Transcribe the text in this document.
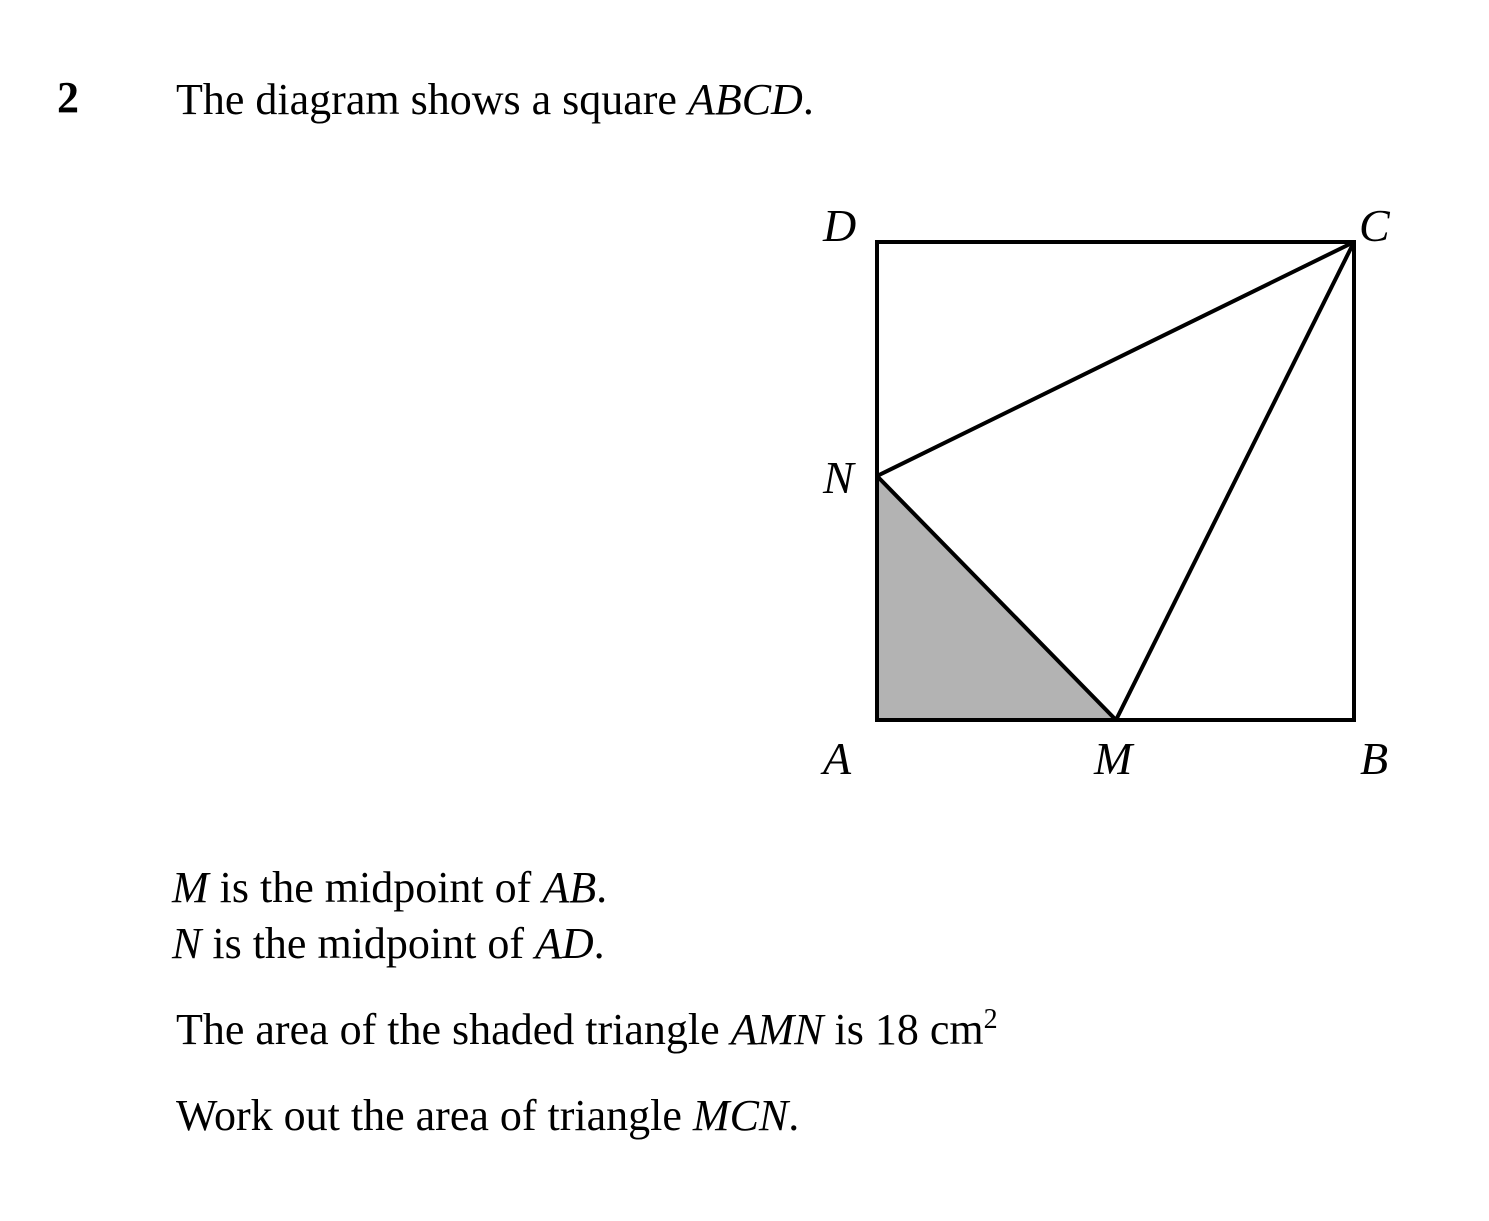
2 The diagram shows a square ABCD.
D	C
N
A	M	B
M is the midpoint of AB.
N is the midpoint of AD.
The area of the shaded triangle AMN is 18 $cm^2$
Work out the area of triangle MCN.
